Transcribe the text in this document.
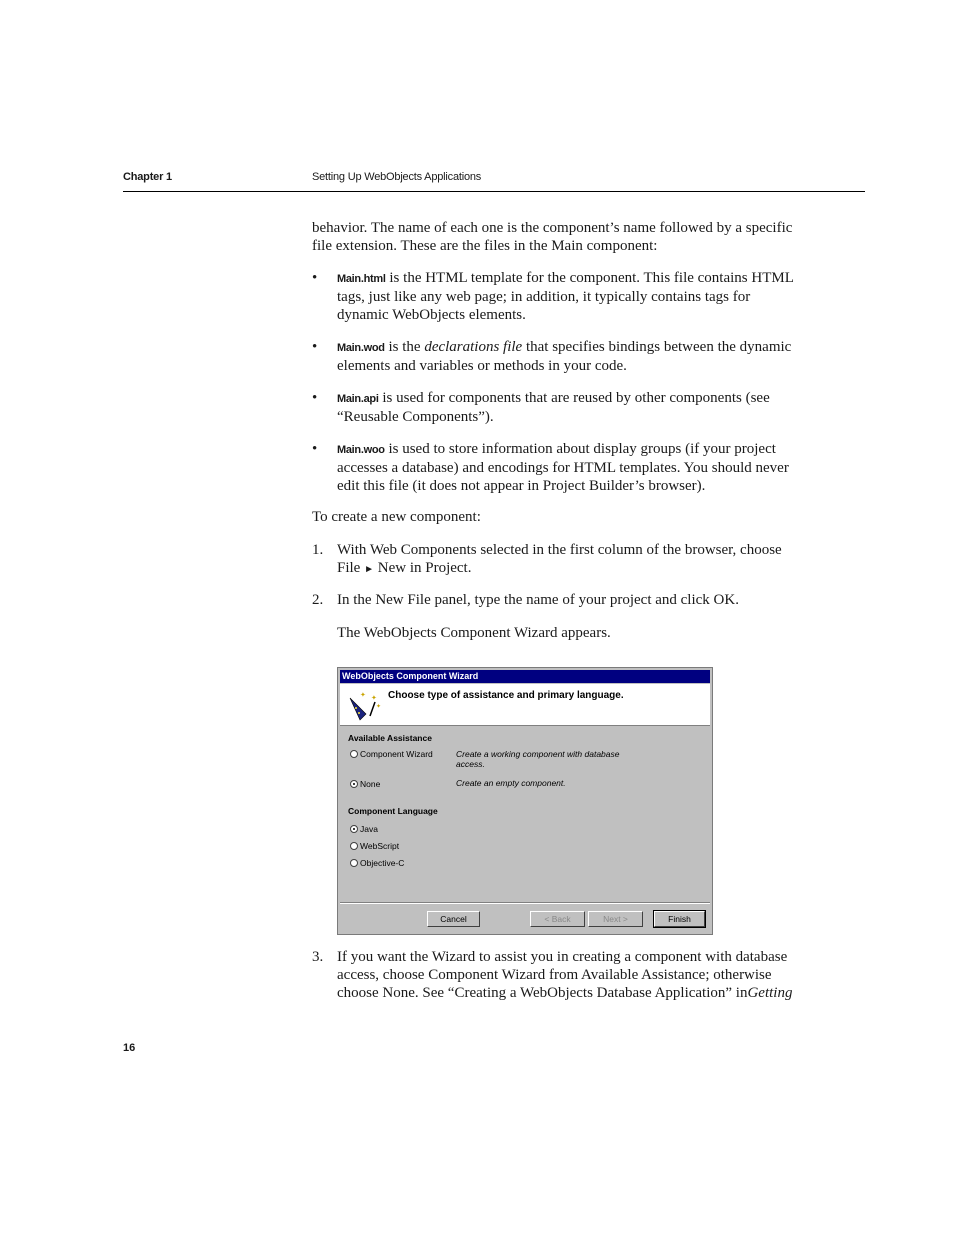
Chapter 1	Setting Up WebObjects Applications

behavior. The name of each one is the component’s name followed by a specific file extension. These are the files in the Main component:

• Main.html is the HTML template for the component. This file contains HTML tags, just like any web page; in addition, it typically contains tags for dynamic WebObjects elements.
• Main.wod is the declarations file that specifies bindings between the dynamic elements and variables or methods in your code.
• Main.api is used for components that are reused by other components (see “Reusable Components”).
• Main.woo is used to store information about display groups (if your project accesses a database) and encodings for HTML templates. You should never edit this file (it does not appear in Project Builder’s browser).

To create a new component:

1. With Web Components selected in the first column of the browser, choose
File ► New in Project.
2. In the New File panel, type the name of your project and click OK.

The WebObjects Component Wizard appears.

WebObjects Component Wizard
✦ ✦
✦
Choose type of assistance and primary language.
Available Assistance
Component Wizard	Create a working component with database access.
None	Create an empty component.
Component Language
Java
WebScript
Objective-C
Cancel	< Back	Next >	Finish
3. If you want the Wizard to assist you in creating a component with database
access, choose Component Wizard from Available Assistance; otherwise
choose None. See “Creating a WebObjects Database Application” inGetting
16
